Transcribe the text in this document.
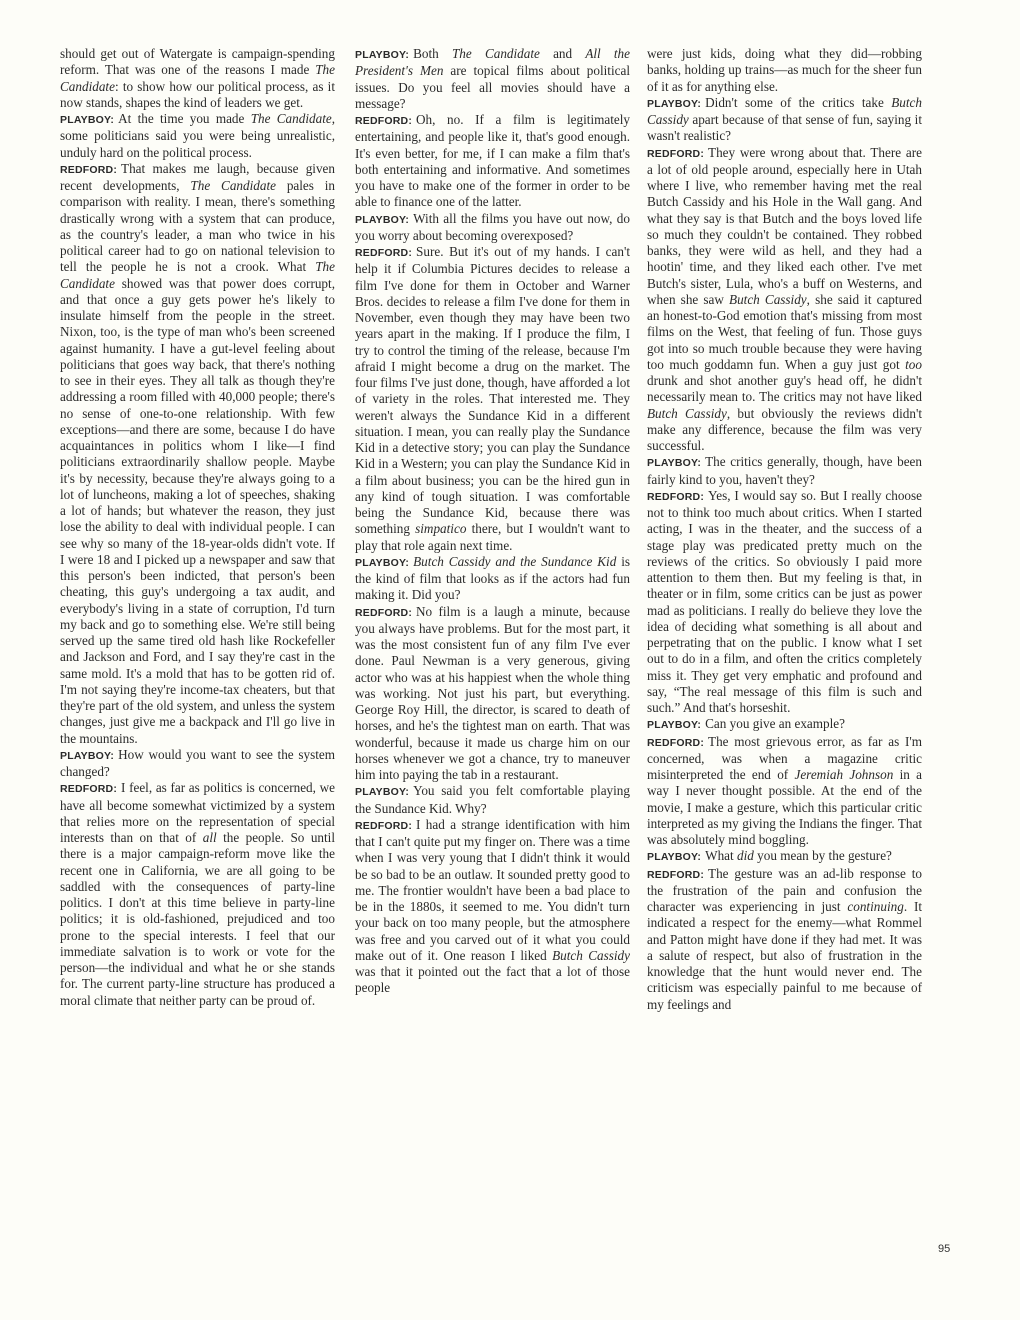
should get out of Watergate is campaign-spending reform. That was one of the reasons I made The Candidate: to show how our political process, as it now stands, shapes the kind of leaders we get.

PLAYBOY: At the time you made The Candidate, some politicians said you were being unrealistic, unduly hard on the political process.

REDFORD: That makes me laugh, because given recent developments, The Candidate pales in comparison with reality. I mean, there's something drastically wrong with a system that can produce, as the country's leader, a man who twice in his political career had to go on national television to tell the people he is not a crook. What The Candidate showed was that power does corrupt, and that once a guy gets power he's likely to insulate himself from the people in the street. Nixon, too, is the type of man who's been screened against humanity. I have a gut-level feeling about politicians that goes way back, that there's nothing to see in their eyes. They all talk as though they're addressing a room filled with 40,000 people; there's no sense of one-to-one relationship. With few exceptions—and there are some, because I do have acquaintances in politics whom I like—I find politicians extraordinarily shallow people. Maybe it's by necessity, because they're always going to a lot of luncheons, making a lot of speeches, shaking a lot of hands; but whatever the reason, they just lose the ability to deal with individual people. I can see why so many of the 18-year-olds didn't vote. If I were 18 and I picked up a newspaper and saw that this person's been indicted, that person's been cheating, this guy's undergoing a tax audit, and everybody's living in a state of corruption, I'd turn my back and go to something else. We're still being served up the same tired old hash like Rockefeller and Jackson and Ford, and I say they're cast in the same mold. It's a mold that has to be gotten rid of. I'm not saying they're income-tax cheaters, but that they're part of the old system, and unless the system changes, just give me a backpack and I'll go live in the mountains.

PLAYBOY: How would you want to see the system changed?

REDFORD: I feel, as far as politics is concerned, we have all become somewhat victimized by a system that relies more on the representation of special interests than on that of all the people. So until there is a major campaign-reform move like the recent one in California, we are all going to be saddled with the consequences of party-line politics. I don't at this time believe in party-line politics; it is old-fashioned, prejudiced and too prone to the special interests. I feel that our immediate salvation is to work or vote for the person—the individual and what he or she stands for. The current party-line structure has produced a moral climate that neither party can be proud of.

PLAYBOY: Both The Candidate and All the President's Men are topical films about political issues. Do you feel all movies should have a message?

REDFORD: Oh, no. If a film is legitimately entertaining, and people like it, that's good enough. It's even better, for me, if I can make a film that's both entertaining and informative. And sometimes you have to make one of the former in order to be able to finance one of the latter.

PLAYBOY: With all the films you have out now, do you worry about becoming overexposed?

REDFORD: Sure. But it's out of my hands. I can't help it if Columbia Pictures decides to release a film I've done for them in October and Warner Bros. decides to release a film I've done for them in November, even though they may have been two years apart in the making. If I produce the film, I try to control the timing of the release, because I'm afraid I might become a drug on the market. The four films I've just done, though, have afforded a lot of variety in the roles. That interested me. They weren't always the Sundance Kid in a different situation. I mean, you can really play the Sundance Kid in a detective story; you can play the Sundance Kid in a Western; you can play the Sundance Kid in a film about business; you can be the hired gun in any kind of tough situation. I was comfortable being the Sundance Kid, because there was something simpatico there, but I wouldn't want to play that role again next time.

PLAYBOY: Butch Cassidy and the Sundance Kid is the kind of film that looks as if the actors had fun making it. Did you?

REDFORD: No film is a laugh a minute, because you always have problems. But for the most part, it was the most consistent fun of any film I've ever done. Paul Newman is a very generous, giving actor who was at his happiest when the whole thing was working. Not just his part, but everything. George Roy Hill, the director, is scared to death of horses, and he's the tightest man on earth. That was wonderful, because it made us charge him on our horses whenever we got a chance, try to maneuver him into paying the tab in a restaurant.

PLAYBOY: You said you felt comfortable playing the Sundance Kid. Why?

REDFORD: I had a strange identification with him that I can't quite put my finger on. There was a time when I was very young that I didn't think it would be so bad to be an outlaw. It sounded pretty good to me. The frontier wouldn't have been a bad place to be in the 1880s, it seemed to me. You didn't turn your back on too many people, but the atmosphere was free and you carved out of it what you could make out of it. One reason I liked Butch Cassidy was that it pointed out the fact that a lot of those people

were just kids, doing what they did—robbing banks, holding up trains—as much for the sheer fun of it as for anything else.

PLAYBOY: Didn't some of the critics take Butch Cassidy apart because of that sense of fun, saying it wasn't realistic?

REDFORD: They were wrong about that. There are a lot of old people around, especially here in Utah where I live, who remember having met the real Butch Cassidy and his Hole in the Wall gang. And what they say is that Butch and the boys loved life so much they couldn't be contained. They robbed banks, they were wild as hell, and they had a hootin' time, and they liked each other. I've met Butch's sister, Lula, who's a buff on Westerns, and when she saw Butch Cassidy, she said it captured an honest-to-God emotion that's missing from most films on the West, that feeling of fun. Those guys got into so much trouble because they were having too much goddamn fun. When a guy just got too drunk and shot another guy's head off, he didn't necessarily mean to. The critics may not have liked Butch Cassidy, but obviously the reviews didn't make any difference, because the film was very successful.

PLAYBOY: The critics generally, though, have been fairly kind to you, haven't they?

REDFORD: Yes, I would say so. But I really choose not to think too much about critics. When I started acting, I was in the theater, and the success of a stage play was predicated pretty much on the reviews of the critics. So obviously I paid more attention to them then. But my feeling is that, in theater or in film, some critics can be just as power mad as politicians. I really do believe they love the idea of deciding what something is all about and perpetrating that on the public. I know what I set out to do in a film, and often the critics completely miss it. They get very emphatic and profound and say, “The real message of this film is such and such.” And that's horseshit.

PLAYBOY: Can you give an example?

REDFORD: The most grievous error, as far as I'm concerned, was when a magazine critic misinterpreted the end of Jeremiah Johnson in a way I never thought possible. At the end of the movie, I make a gesture, which this particular critic interpreted as my giving the Indians the finger. That was absolutely mind boggling.

PLAYBOY: What did you mean by the gesture?

REDFORD: The gesture was an ad-lib response to the frustration of the pain and confusion the character was experiencing in just continuing. It indicated a respect for the enemy—what Rommel and Patton might have done if they had met. It was a salute of respect, but also of frustration in the knowledge that the hunt would never end. The criticism was especially painful to me because of my feelings and

95
